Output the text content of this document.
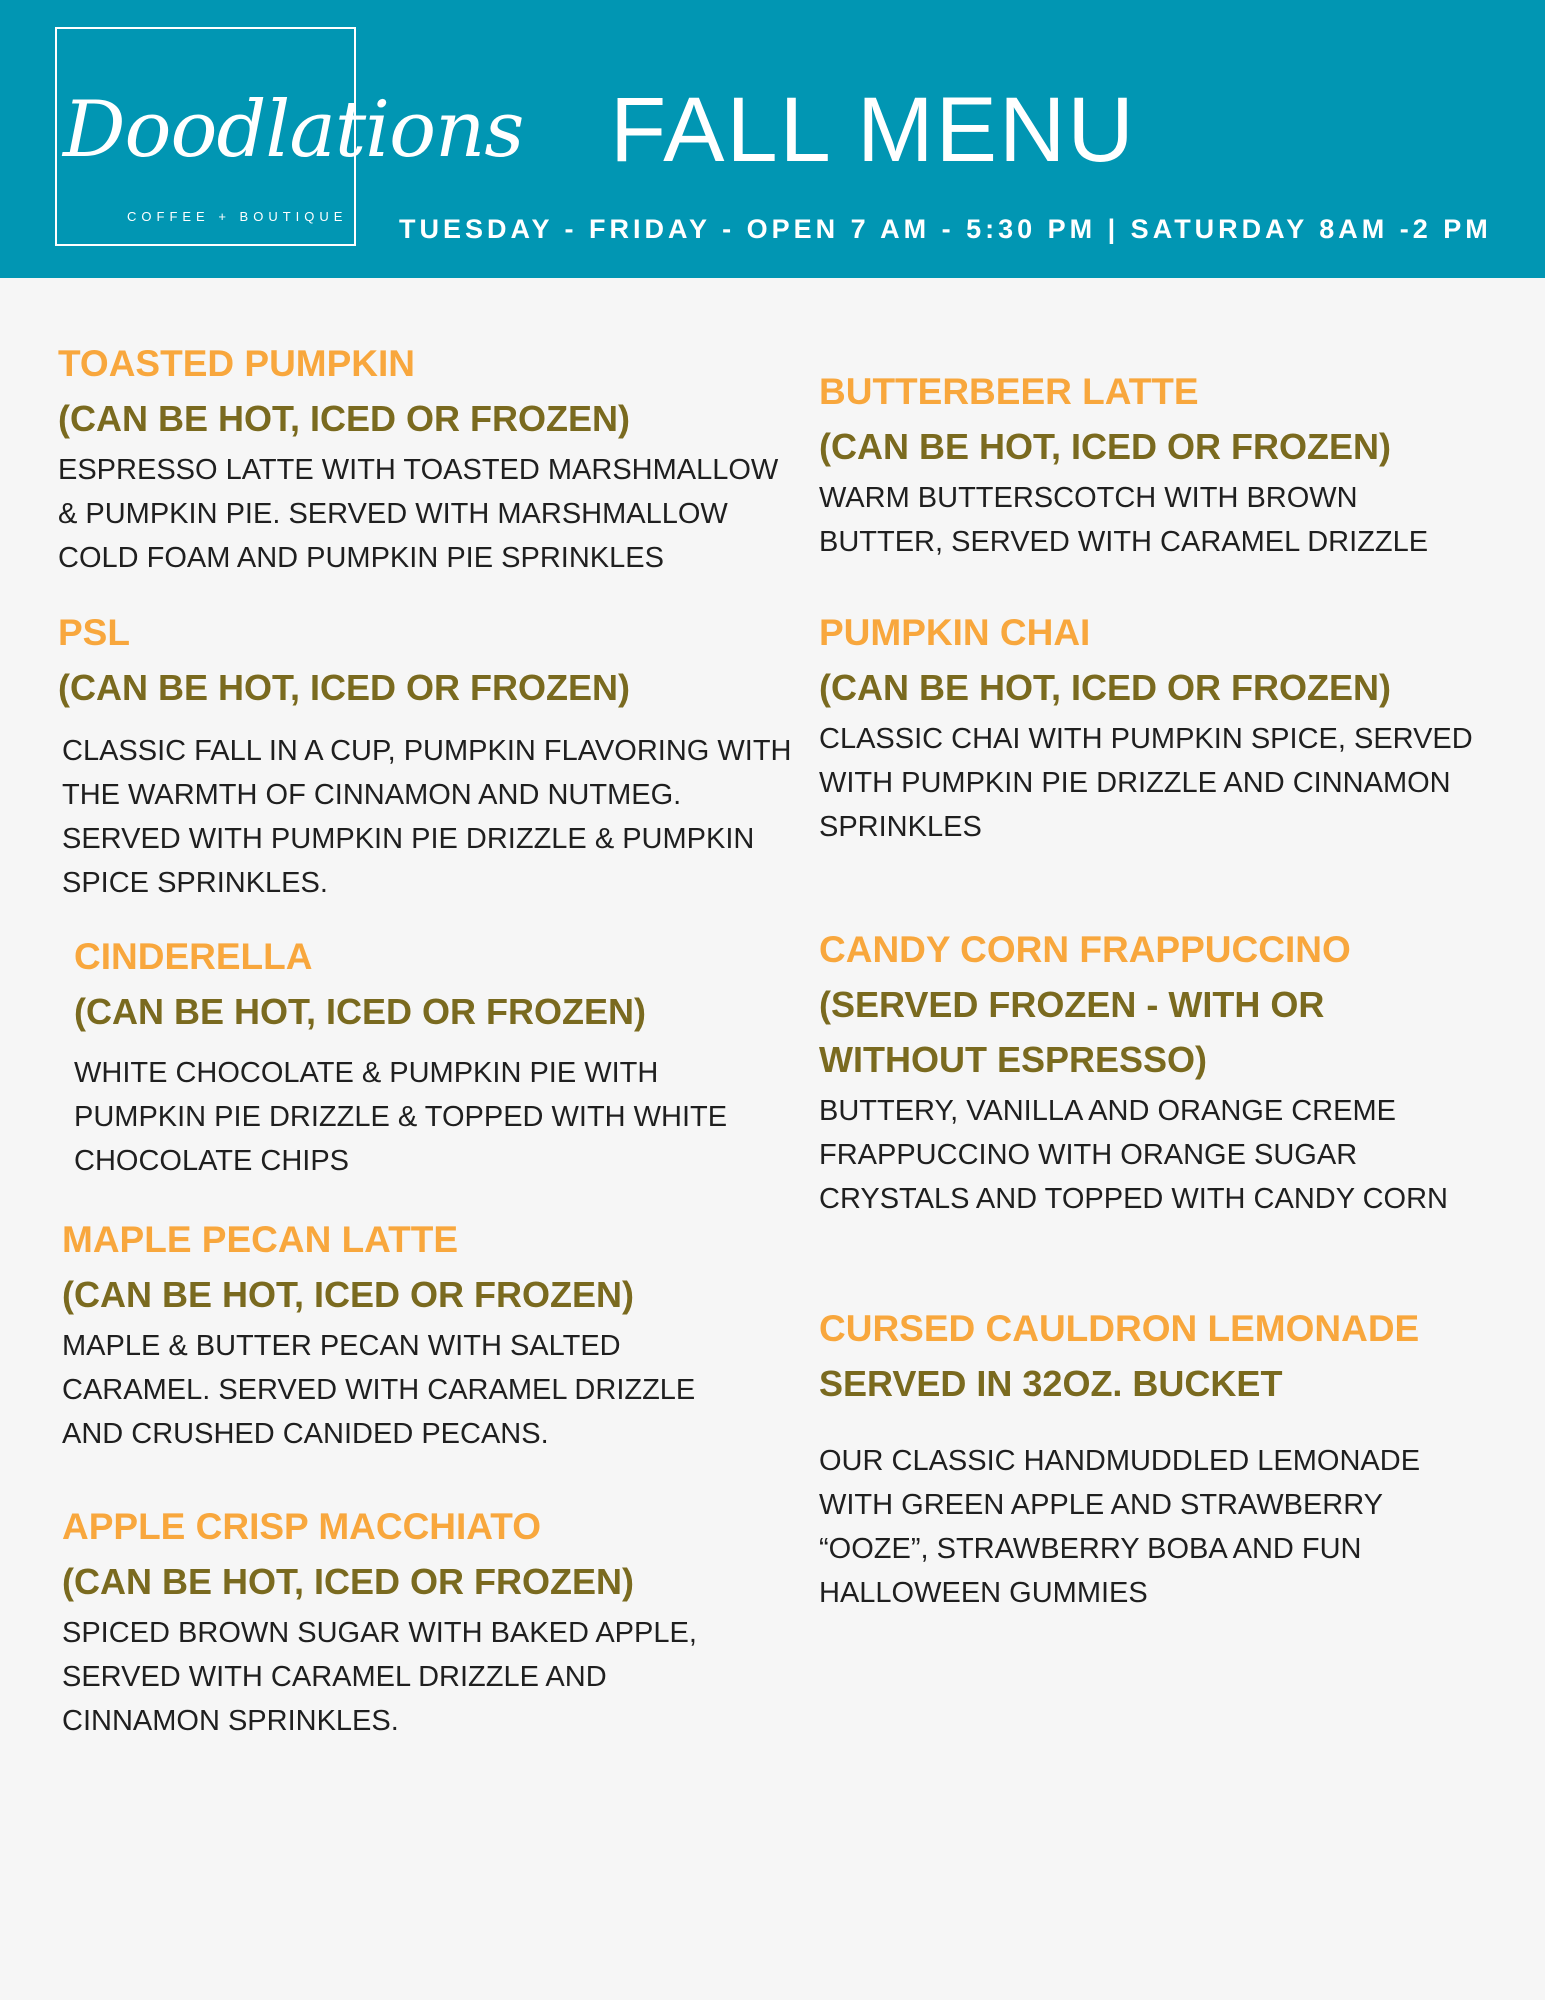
Doodlations
COFFEE + BOUTIQUE
FALL MENU
TUESDAY - FRIDAY - OPEN 7 AM - 5:30 PM | SATURDAY 8AM -2 PM
TOASTED PUMPKIN
(CAN BE HOT, ICED OR FROZEN)
ESPRESSO LATTE WITH TOASTED MARSHMALLOW & PUMPKIN PIE. SERVED WITH MARSHMALLOW COLD FOAM AND PUMPKIN PIE SPRINKLES
PSL
(CAN BE HOT, ICED OR FROZEN)
CLASSIC FALL IN A CUP, PUMPKIN FLAVORING WITH THE WARMTH OF CINNAMON AND NUTMEG. SERVED WITH PUMPKIN PIE DRIZZLE & PUMPKIN SPICE SPRINKLES.
CINDERELLA
(CAN BE HOT, ICED OR FROZEN)
WHITE CHOCOLATE & PUMPKIN PIE WITH PUMPKIN PIE DRIZZLE & TOPPED WITH WHITE CHOCOLATE CHIPS
MAPLE PECAN LATTE
(CAN BE HOT, ICED OR FROZEN)
MAPLE & BUTTER PECAN WITH SALTED CARAMEL. SERVED WITH CARAMEL DRIZZLE AND CRUSHED CANIDED PECANS.
APPLE CRISP MACCHIATO
(CAN BE HOT, ICED OR FROZEN)
SPICED BROWN SUGAR WITH BAKED APPLE, SERVED WITH CARAMEL DRIZZLE AND CINNAMON SPRINKLES.
BUTTERBEER LATTE
(CAN BE HOT, ICED OR FROZEN)
WARM BUTTERSCOTCH WITH BROWN BUTTER, SERVED WITH CARAMEL DRIZZLE
PUMPKIN CHAI
(CAN BE HOT, ICED OR FROZEN)
CLASSIC CHAI WITH PUMPKIN SPICE, SERVED WITH PUMPKIN PIE DRIZZLE AND CINNAMON SPRINKLES
CANDY CORN FRAPPUCCINO
(SERVED FROZEN - WITH OR
WITHOUT ESPRESSO)
BUTTERY, VANILLA AND ORANGE CREME FRAPPUCCINO WITH ORANGE SUGAR CRYSTALS AND TOPPED WITH CANDY CORN
CURSED CAULDRON LEMONADE
SERVED IN 32OZ. BUCKET
OUR CLASSIC HANDMUDDLED LEMONADE WITH GREEN APPLE AND STRAWBERRY “OOZE”, STRAWBERRY BOBA AND FUN HALLOWEEN GUMMIES
